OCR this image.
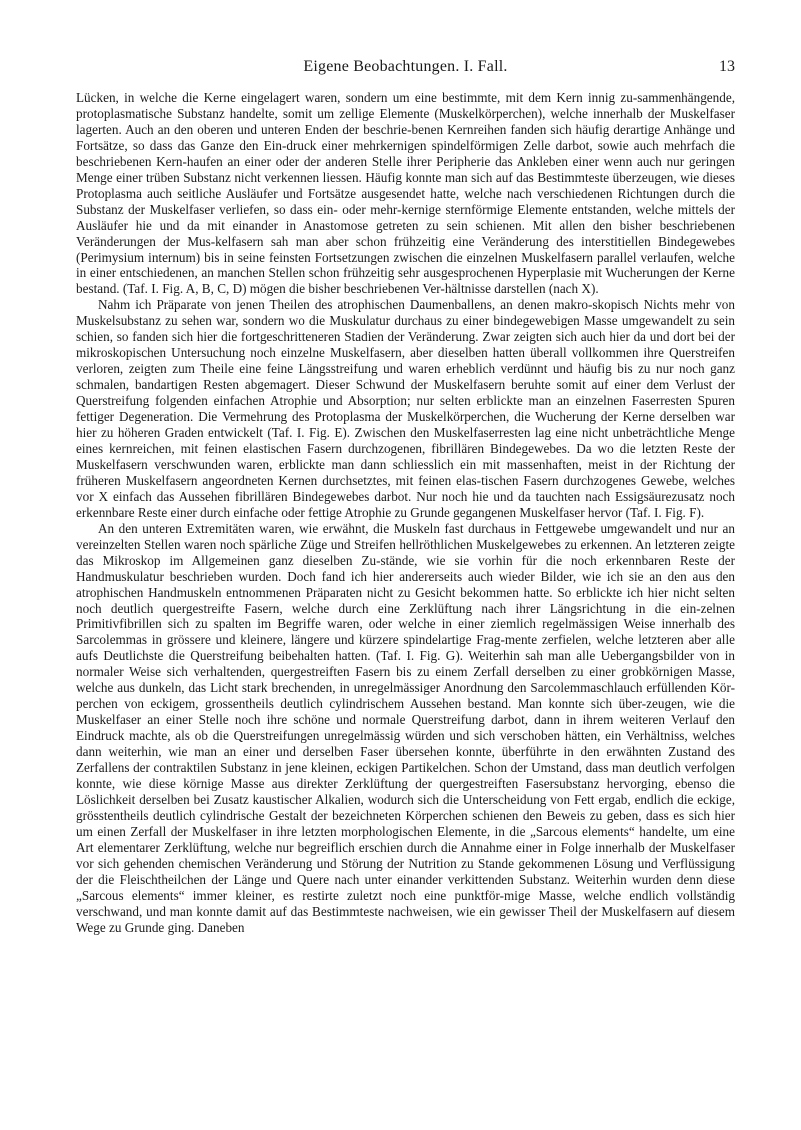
Eigene Beobachtungen. I. Fall.	13

Lücken, in welche die Kerne eingelagert waren, sondern um eine bestimmte, mit dem Kern innig zu-sammenhängende, protoplasmatische Substanz handelte, somit um zellige Elemente (Muskelkörperchen), welche innerhalb der Muskelfaser lagerten. Auch an den oberen und unteren Enden der beschrie-benen Kernreihen fanden sich häufig derartige Anhänge und Fortsätze, so dass das Ganze den Ein-druck einer mehrkernigen spindelförmigen Zelle darbot, sowie auch mehrfach die beschriebenen Kern-haufen an einer oder der anderen Stelle ihrer Peripherie das Ankleben einer wenn auch nur geringen Menge einer trüben Substanz nicht verkennen liessen. Häufig konnte man sich auf das Bestimmteste überzeugen, wie dieses Protoplasma auch seitliche Ausläufer und Fortsätze ausgesendet hatte, welche nach verschiedenen Richtungen durch die Substanz der Muskelfaser verliefen, so dass ein- oder mehr-kernige sternförmige Elemente entstanden, welche mittels der Ausläufer hie und da mit einander in Anastomose getreten zu sein schienen. Mit allen den bisher beschriebenen Veränderungen der Mus-kelfasern sah man aber schon frühzeitig eine Veränderung des interstitiellen Bindegewebes (Perimysium internum) bis in seine feinsten Fortsetzungen zwischen die einzelnen Muskelfasern parallel verlaufen, welche in einer entschiedenen, an manchen Stellen schon frühzeitig sehr ausgesprochenen Hyperplasie mit Wucherungen der Kerne bestand. (Taf. I. Fig. A, B, C, D) mögen die bisher beschriebenen Ver-hältnisse darstellen (nach X).

Nahm ich Präparate von jenen Theilen des atrophischen Daumenballens, an denen makro-skopisch Nichts mehr von Muskelsubstanz zu sehen war, sondern wo die Muskulatur durchaus zu einer bindegewebigen Masse umgewandelt zu sein schien, so fanden sich hier die fortgeschritteneren Stadien der Veränderung. Zwar zeigten sich auch hier da und dort bei der mikroskopischen Untersuchung noch einzelne Muskelfasern, aber dieselben hatten überall vollkommen ihre Querstreifen verloren, zeigten zum Theile eine feine Längsstreifung und waren erheblich verdünnt und häufig bis zu nur noch ganz schmalen, bandartigen Resten abgemagert. Dieser Schwund der Muskelfasern beruhte somit auf einer dem Verlust der Querstreifung folgenden einfachen Atrophie und Absorption; nur selten erblickte man an einzelnen Faserresten Spuren fettiger Degeneration. Die Vermehrung des Protoplasma der Muskelkörperchen, die Wucherung der Kerne derselben war hier zu höheren Graden entwickelt (Taf. I. Fig. E). Zwischen den Muskelfaserresten lag eine nicht unbeträchtliche Menge eines kernreichen, mit feinen elastischen Fasern durchzogenen, fibrillären Bindegewebes. Da wo die letzten Reste der Muskelfasern verschwunden waren, erblickte man dann schliesslich ein mit massenhaften, meist in der Richtung der früheren Muskelfasern angeordneten Kernen durchsetztes, mit feinen elas-tischen Fasern durchzogenes Gewebe, welches vor X einfach das Aussehen fibrillären Bindegewebes darbot. Nur noch hie und da tauchten nach Essigsäurezusatz noch erkennbare Reste einer durch einfache oder fettige Atrophie zu Grunde gegangenen Muskelfaser hervor (Taf. I. Fig. F).

An den unteren Extremitäten waren, wie erwähnt, die Muskeln fast durchaus in Fettgewebe umgewandelt und nur an vereinzelten Stellen waren noch spärliche Züge und Streifen hellröthlichen Muskelgewebes zu erkennen. An letzteren zeigte das Mikroskop im Allgemeinen ganz dieselben Zu-stände, wie sie vorhin für die noch erkennbaren Reste der Handmuskulatur beschrieben wurden. Doch fand ich hier andererseits auch wieder Bilder, wie ich sie an den aus den atrophischen Handmuskeln entnommenen Präparaten nicht zu Gesicht bekommen hatte. So erblickte ich hier nicht selten noch deutlich quergestreifte Fasern, welche durch eine Zerklüftung nach ihrer Längsrichtung in die ein-zelnen Primitivfibrillen sich zu spalten im Begriffe waren, oder welche in einer ziemlich regelmässigen Weise innerhalb des Sarcolemmas in grössere und kleinere, längere und kürzere spindelartige Frag-mente zerfielen, welche letzteren aber alle aufs Deutlichste die Querstreifung beibehalten hatten. (Taf. I. Fig. G). Weiterhin sah man alle Uebergangsbilder von in normaler Weise sich verhaltenden, quergestreiften Fasern bis zu einem Zerfall derselben zu einer grobkörnigen Masse, welche aus dunkeln, das Licht stark brechenden, in unregelmässiger Anordnung den Sarcolemmaschlauch erfüllenden Kör-perchen von eckigem, grossentheils deutlich cylindrischem Aussehen bestand. Man konnte sich über-zeugen, wie die Muskelfaser an einer Stelle noch ihre schöne und normale Querstreifung darbot, dann in ihrem weiteren Verlauf den Eindruck machte, als ob die Querstreifungen unregelmässig würden und sich verschoben hätten, ein Verhältniss, welches dann weiterhin, wie man an einer und derselben Faser übersehen konnte, überführte in den erwähnten Zustand des Zerfallens der contraktilen Substanz in jene kleinen, eckigen Partikelchen. Schon der Umstand, dass man deutlich verfolgen konnte, wie diese körnige Masse aus direkter Zerklüftung der quergestreiften Fasersubstanz hervorging, ebenso die Löslichkeit derselben bei Zusatz kaustischer Alkalien, wodurch sich die Unterscheidung von Fett ergab, endlich die eckige, grösstentheils deutlich cylindrische Gestalt der bezeichneten Körperchen schienen den Beweis zu geben, dass es sich hier um einen Zerfall der Muskelfaser in ihre letzten morphologischen Elemente, in die „Sarcous elements“ handelte, um eine Art elementarer Zerklüftung, welche nur begreiflich erschien durch die Annahme einer in Folge innerhalb der Muskelfaser vor sich gehenden chemischen Veränderung und Störung der Nutrition zu Stande gekommenen Lösung und Verflüssigung der die Fleischtheilchen der Länge und Quere nach unter einander verkittenden Substanz. Weiterhin wurden denn diese „Sarcous elements“ immer kleiner, es restirte zuletzt noch eine punktför-mige Masse, welche endlich vollständig verschwand, und man konnte damit auf das Bestimmteste nachweisen, wie ein gewisser Theil der Muskelfasern auf diesem Wege zu Grunde ging. Daneben
